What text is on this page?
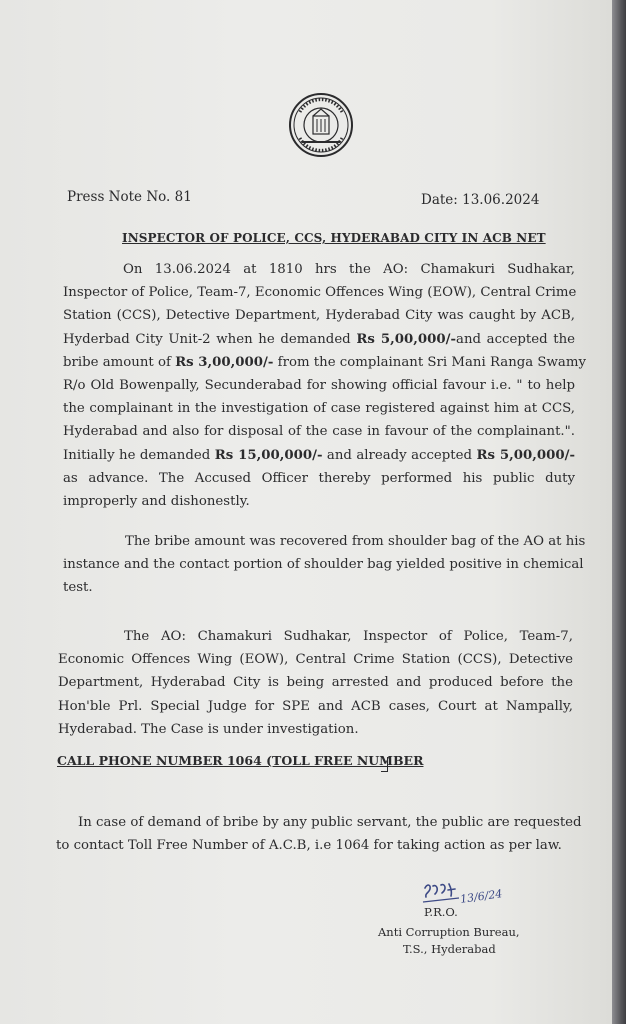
Press Note No. 81	Date: 13.06.2024
INSPECTOR OF POLICE, CCS, HYDERABAD CITY IN ACB NET
On 13.06.2024 at 1810 hrs the AO: Chamakuri Sudhakar,
Inspector of Police, Team-7, Economic Offences Wing (EOW), Central Crime
Station (CCS), Detective Department, Hyderabad City was caught by ACB,
Hyderbad City Unit-2 when he demanded Rs 5,00,000/-and accepted the
bribe amount of Rs 3,00,000/- from the complainant Sri Mani Ranga Swamy
R/o Old Bowenpally, Secunderabad for showing official favour i.e. " to help
the complainant in the investigation of case registered against him at CCS,
Hyderabad and also for disposal of the case in favour of the complainant.".
Initially he demanded Rs 15,00,000/- and already accepted Rs 5,00,000/-
as advance. The Accused Officer thereby performed his public duty
improperly and dishonestly.
The bribe amount was recovered from shoulder bag of the AO at his
instance and the contact portion of shoulder bag yielded positive in chemical
test.
The AO: Chamakuri Sudhakar, Inspector of Police, Team-7,
Economic Offences Wing (EOW), Central Crime Station (CCS), Detective
Department, Hyderabad City is being arrested and produced before the
Hon'ble Prl. Special Judge for SPE and ACB cases, Court at Nampally,
Hyderabad. The Case is under investigation.
CALL PHONE NUMBER 1064 (TOLL FREE NUMBER
In case of demand of bribe by any public servant, the public are requested
to contact Toll Free Number of A.C.B, i.e 1064 for taking action as per law.
13/6/24
P.R.O.
Anti Corruption Bureau,
T.S., Hyderabad
